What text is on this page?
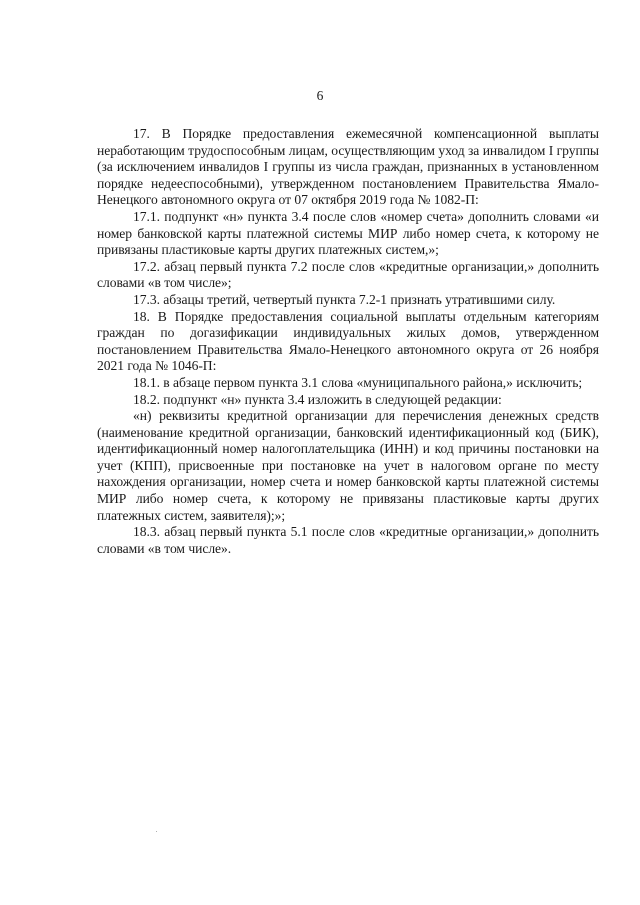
6

17. В Порядке предоставления ежемесячной компенсационной выплаты неработающим трудоспособным лицам, осуществляющим уход за инвалидом I группы (за исключением инвалидов I группы из числа граждан, признанных в установленном порядке недееспособными), утвержденном постановлением Правительства Ямало-Ненецкого автономного округа от 07 октября 2019 года № 1082-П:

17.1. подпункт «н» пункта 3.4 после слов «номер счета» дополнить словами «и номер банковской карты платежной системы МИР либо номер счета, к которому не привязаны пластиковые карты других платежных систем,»;

17.2. абзац первый пункта 7.2 после слов «кредитные организации,» дополнить словами «в том числе»;

17.3. абзацы третий, четвертый пункта 7.2-1 признать утратившими силу.

18. В Порядке предоставления социальной выплаты отдельным категориям граждан по догазификации индивидуальных жилых домов, утвержденном постановлением Правительства Ямало-Ненецкого автономного округа от 26 ноября 2021 года № 1046-П:

18.1. в абзаце первом пункта 3.1 слова «муниципального района,» исключить;

18.2. подпункт «н» пункта 3.4 изложить в следующей редакции:

«н) реквизиты кредитной организации для перечисления денежных средств (наименование кредитной организации, банковский идентификационный код (БИК), идентификационный номер налогоплательщика (ИНН) и код причины постановки на учет (КПП), присвоенные при постановке на учет в налоговом органе по месту нахождения организации, номер счета и номер банковской карты платежной системы МИР либо номер счета, к которому не привязаны пластиковые карты других платежных систем, заявителя);»;

18.3. абзац первый пункта 5.1 после слов «кредитные организации,» дополнить словами «в том числе».
